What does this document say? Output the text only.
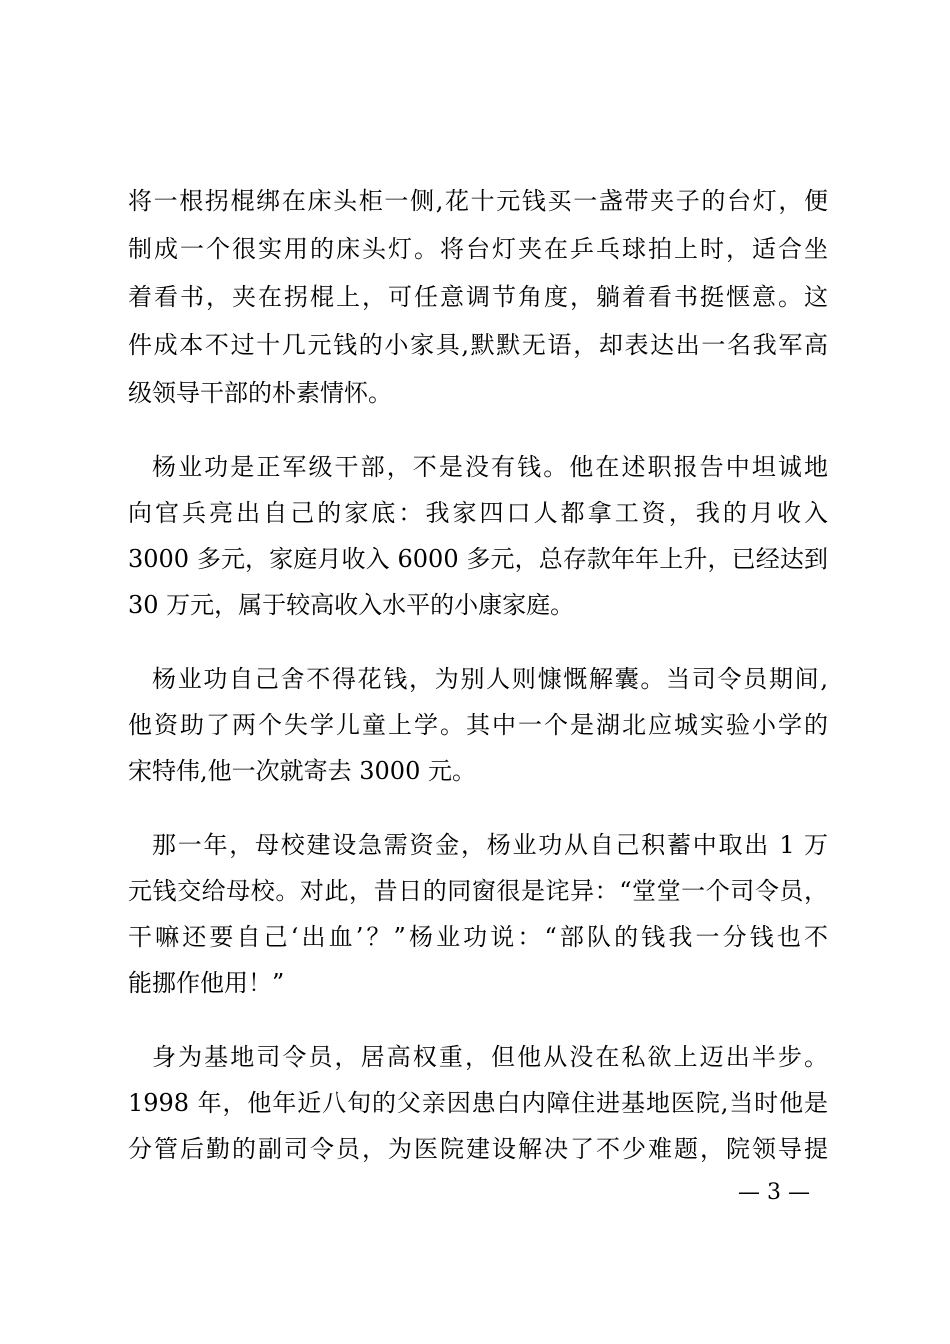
将一根拐棍绑在床头柜一侧,花十元钱买一盏带夹子的台灯，便
制成一个很实用的床头灯。将台灯夹在乒乓球拍上时，适合坐
着看书，夹在拐棍上，可任意调节角度，躺着看书挺惬意。这
件成本不过十几元钱的小家具,默默无语，却表达出一名我军高
级领导干部的朴素情怀。
杨业功是正军级干部，不是没有钱。他在述职报告中坦诚地
向官兵亮出自己的家底：我家四口人都拿工资，我的月收入
3000 多元，家庭月收入 6000 多元，总存款年年上升，已经达到
30 万元，属于较高收入水平的小康家庭。
杨业功自己舍不得花钱，为别人则慷慨解囊。当司令员期间,
他资助了两个失学儿童上学。其中一个是湖北应城实验小学的
宋特伟,他一次就寄去 3000 元。
那一年，母校建设急需资金，杨业功从自己积蓄中取出 1 万
元钱交给母校。对此，昔日的同窗很是诧异：“堂堂一个司令员，
干嘛还要自己‘出血’？”杨业功说：“部队的钱我一分钱也不
能挪作他用！”
身为基地司令员，居高权重，但他从没在私欲上迈出半步。
1998 年，他年近八旬的父亲因患白内障住进基地医院,当时他是
分管后勤的副司令员，为医院建设解决了不少难题，院领导提
— 3 —
